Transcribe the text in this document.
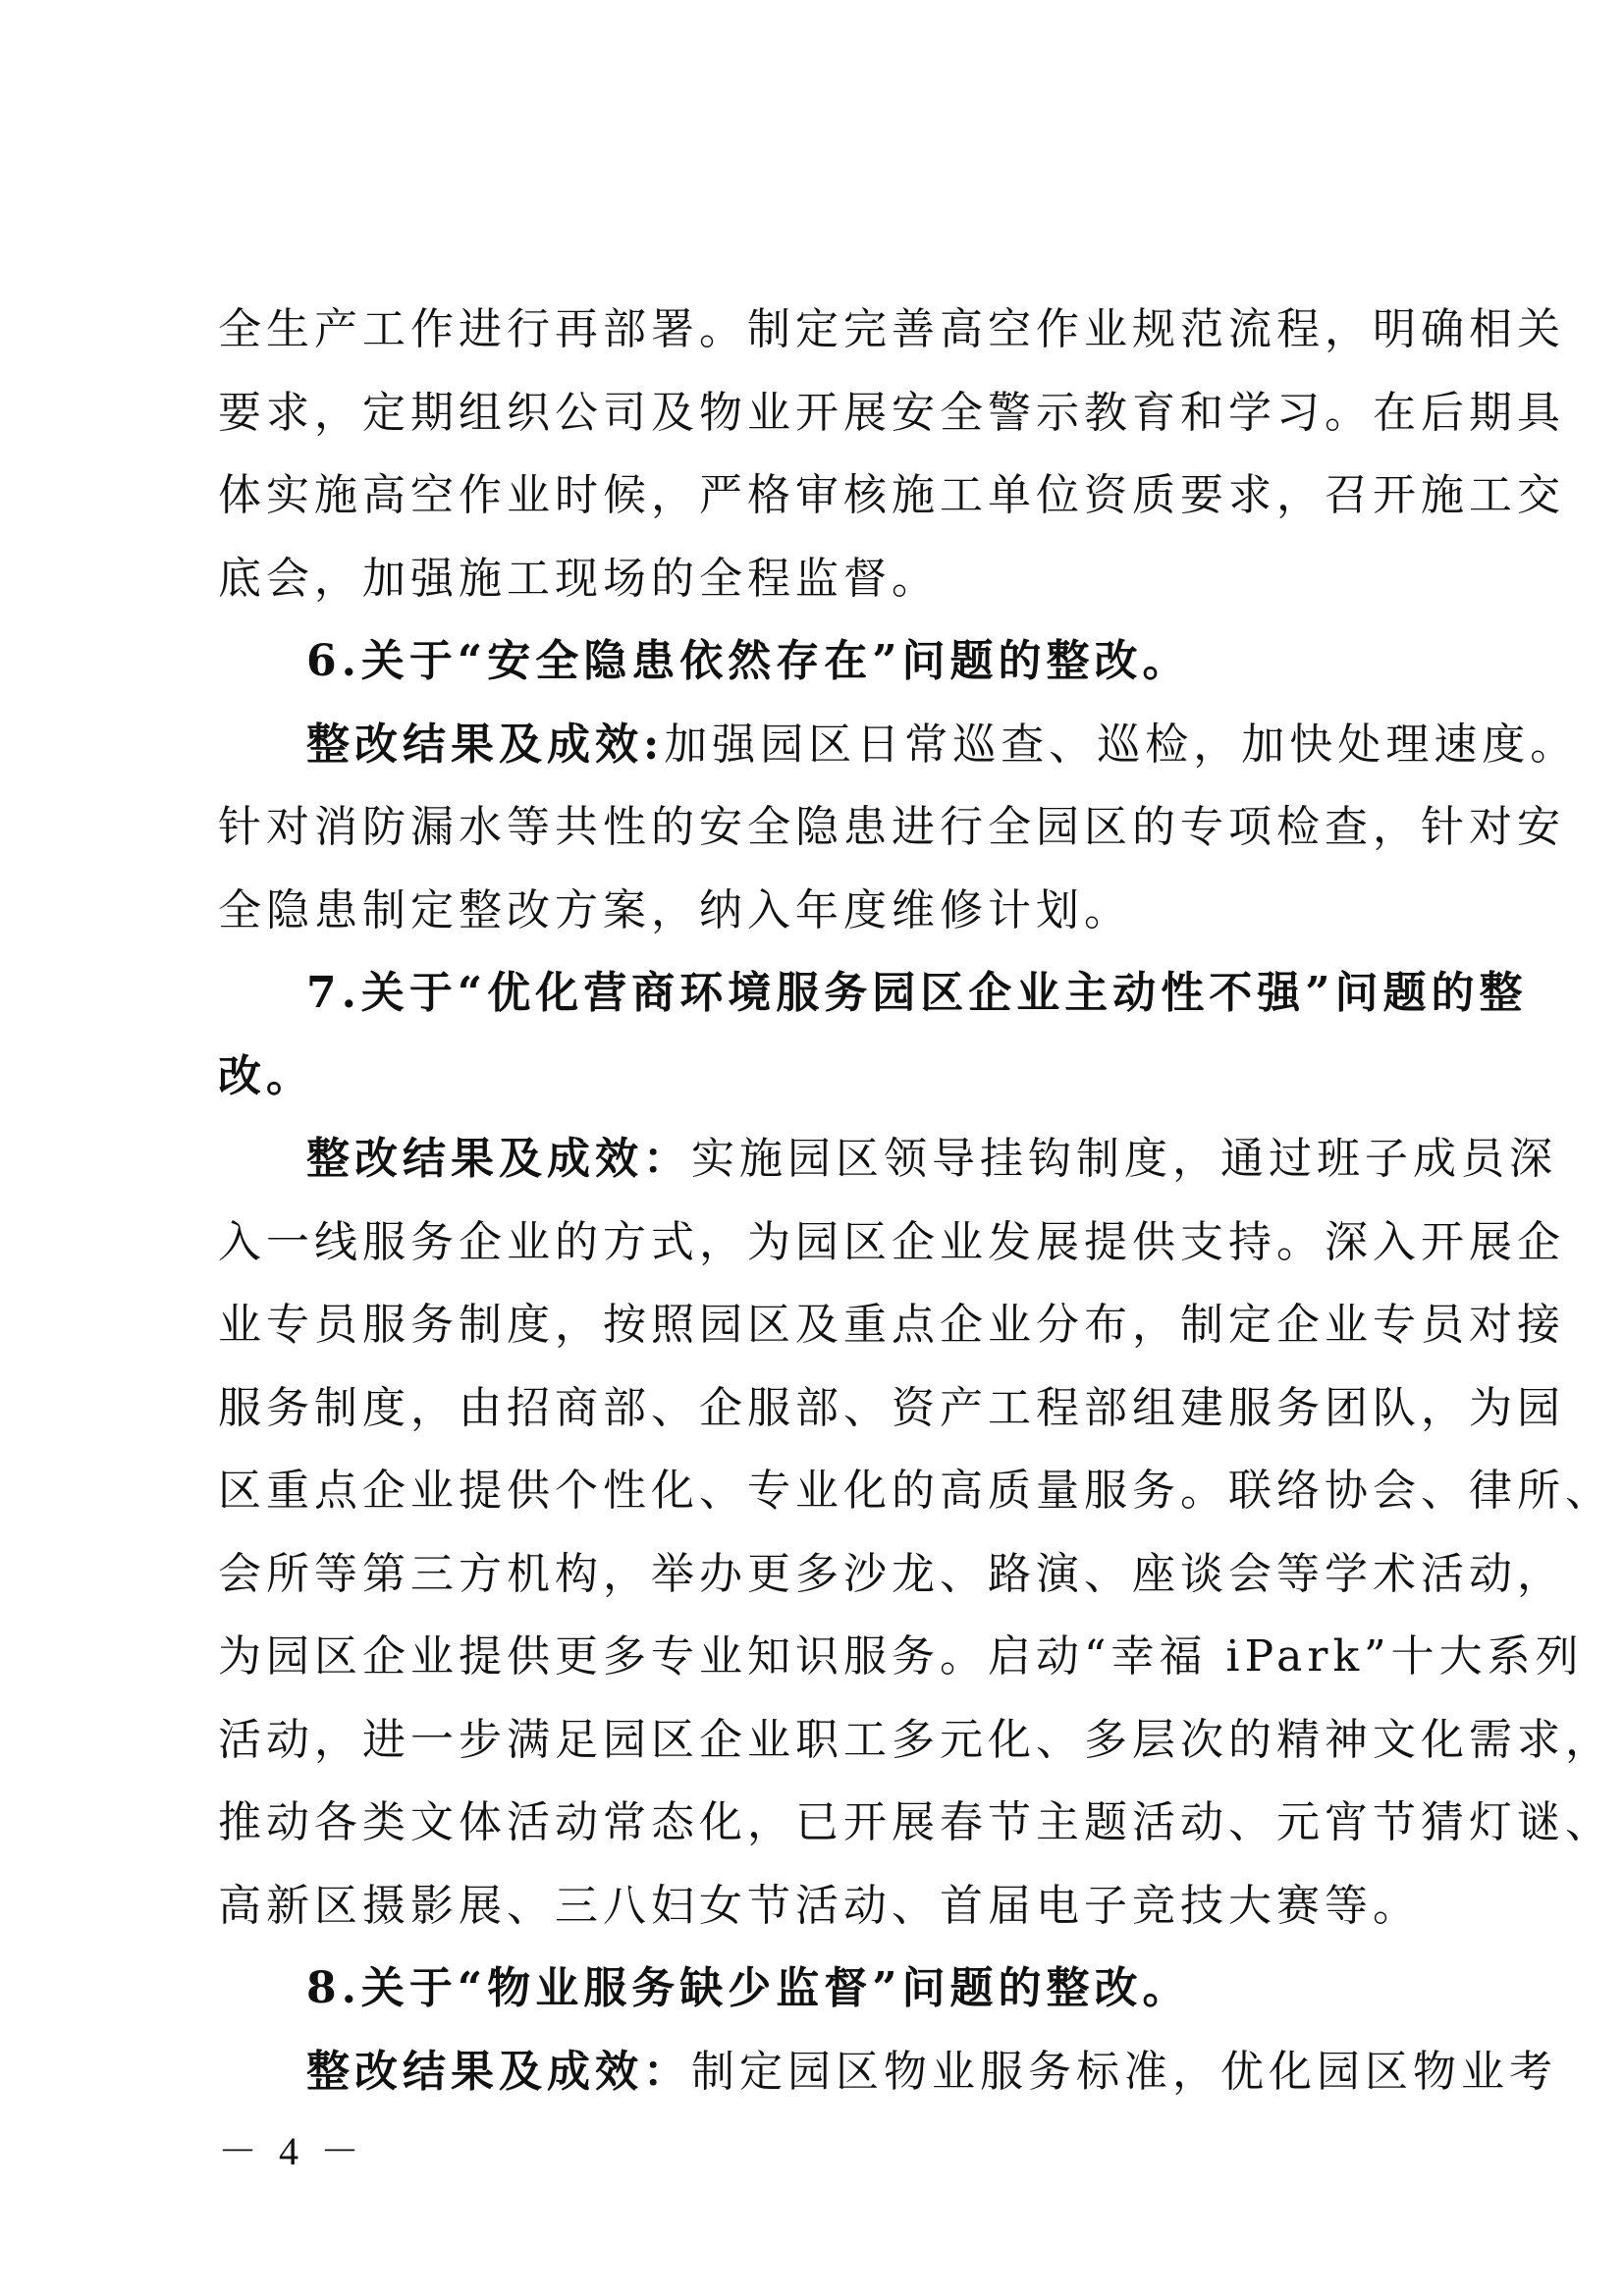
全生产工作进行再部署。制定完善高空作业规范流程，明确相关
要求，定期组织公司及物业开展安全警示教育和学习。在后期具
体实施高空作业时候，严格审核施工单位资质要求，召开施工交
底会，加强施工现场的全程监督。
6.关于“安全隐患依然存在”问题的整改。
整改结果及成效:加强园区日常巡查、巡检，加快处理速度。
针对消防漏水等共性的安全隐患进行全园区的专项检查，针对安
全隐患制定整改方案，纳入年度维修计划。
7.关于“优化营商环境服务园区企业主动性不强”问题的整
改。
整改结果及成效：实施园区领导挂钩制度，通过班子成员深
入一线服务企业的方式，为园区企业发展提供支持。深入开展企
业专员服务制度，按照园区及重点企业分布，制定企业专员对接
服务制度，由招商部、企服部、资产工程部组建服务团队，为园
区重点企业提供个性化、专业化的高质量服务。联络协会、律所、
会所等第三方机构，举办更多沙龙、路演、座谈会等学术活动，
为园区企业提供更多专业知识服务。启动“幸福 iPark”十大系列
活动，进一步满足园区企业职工多元化、多层次的精神文化需求，
推动各类文体活动常态化，已开展春节主题活动、元宵节猜灯谜、
高新区摄影展、三八妇女节活动、首届电子竞技大赛等。
8.关于“物业服务缺少监督”问题的整改。
整改结果及成效：制定园区物业服务标准，优化园区物业考
－ 4 －
